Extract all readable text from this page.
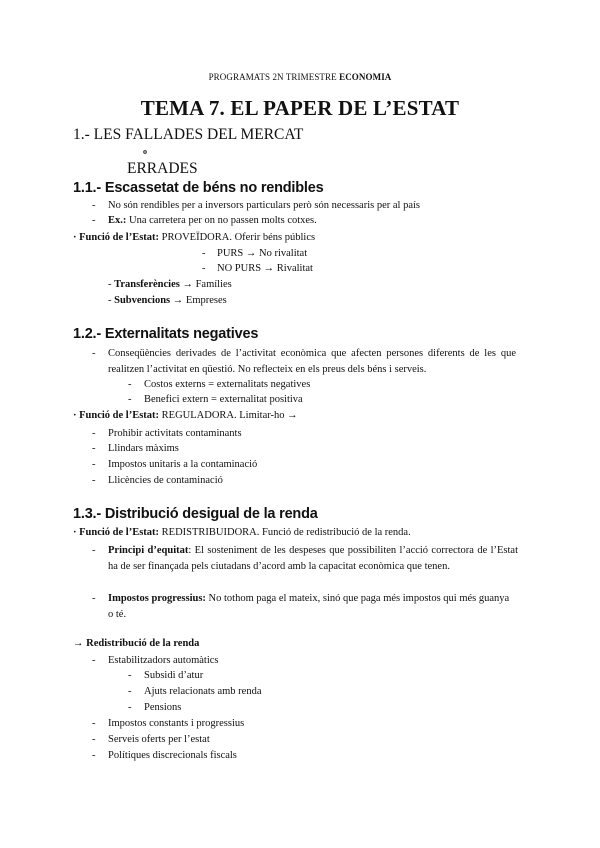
PROGRAMATS 2N TRIMESTRE ECONOMIA
TEMA 7. EL PAPER DE L’ESTAT
1.- LES FALLADES DEL MERCAT
o
ERRADES
1.1.- Escassetat de béns no rendibles
- No són rendibles per a inversors particulars però són necessaris per al país
- Ex.: Una carretera per on no passen molts cotxes.
· Funció de l’Estat: PROVEÏDORA. Oferir béns públics
- PURS → No rivalitat
- NO PURS → Rivalitat
- Transferències → Famílies
- Subvencions → Empreses
1.2.- Externalitats negatives
- Conseqüències derivades de l’activitat econòmica que afecten persones diferents de les que realitzen l’activitat en qüestió. No reflecteix en els preus dels béns i serveis.
- Costos externs = externalitats negatives
- Benefici extern = externalitat positiva
· Funció de l’Estat: REGULADORA. Limitar-ho →
- Prohibir activitats contaminants
- Llindars màxims
- Impostos unitaris a la contaminació
- Llicències de contaminació
1.3.- Distribució desigual de la renda
· Funció de l’Estat: REDISTRIBUIDORA. Funció de redistribució de la renda.
- Principi d’equitat: El sosteniment de les despeses que possibiliten l’acció correctora de l’Estat ha de ser finançada pels ciutadans d’acord amb la capacitat econòmica que tenen.
- Impostos progressius: No tothom paga el mateix, sinó que paga més impostos qui més guanya o té.
→ Redistribució de la renda
- Estabilitzadors automàtics
- Subsidi d’atur
- Ajuts relacionats amb renda
- Pensions
- Impostos constants i progressius
- Serveis oferts per l’estat
- Polítiques discrecionals fiscals
